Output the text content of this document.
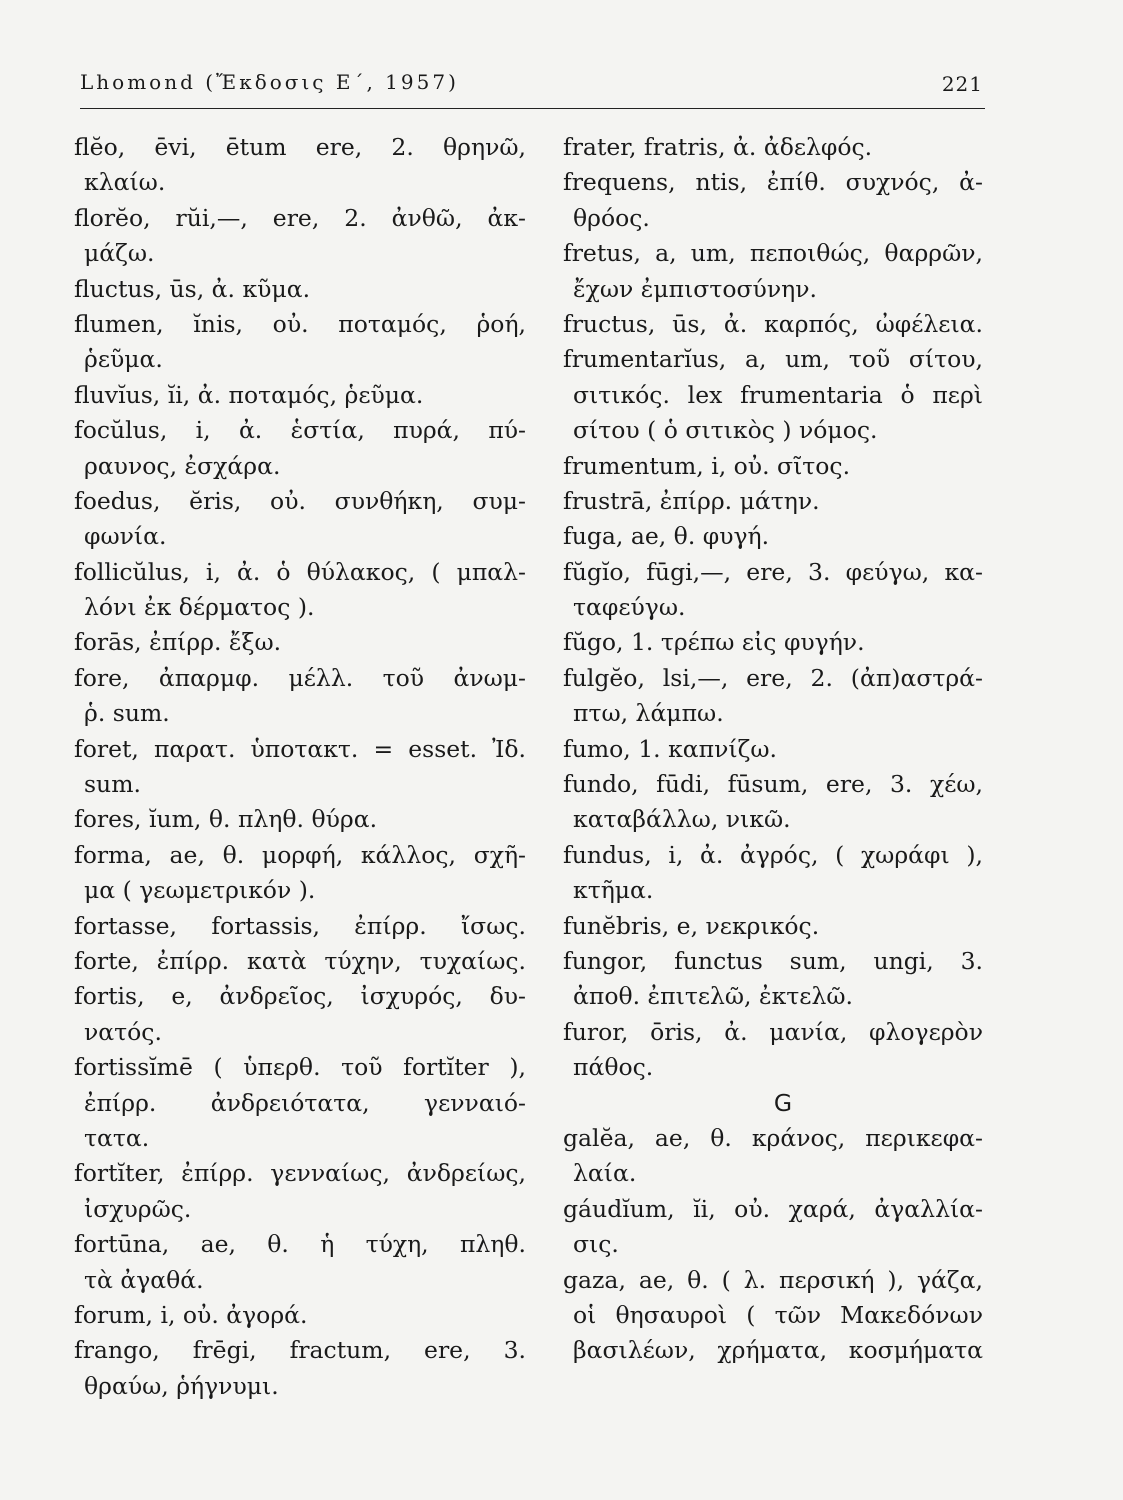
Lhomond (Ἔκδοσις Ε΄, 1957)	221
flĕo, ēvi, ētum ere, 2. θρηνῶ,
κλαίω.
florĕo, rŭi,—, ere, 2. ἀνθῶ, ἀκ-
μάζω.
fluctus, ūs, ἀ. κῦμα.
flumen, ĭnis, οὐ. ποταμός, ῥοή,
ῥεῦμα.
fluvĭus, ĭi, ἀ. ποταμός, ῥεῦμα.
focŭlus, i, ἀ. ἑστία, πυρά, πύ-
ραυνος, ἐσχάρα.
foedus, ĕris, οὐ. συνθήκη, συμ-
φωνία.
follicŭlus, i, ἀ. ὁ θύλακος, ( μπαλ-
λόνι ἐκ δέρματος ).
forās, ἐπίρρ. ἔξω.
fore, ἀπαρμφ. μέλλ. τοῦ ἀνωμ-
ῥ. sum.
foret, παρατ. ὑποτακτ. = esset. Ἰδ.
sum.
fores, ĭum, θ. πληθ. θύρα.
forma, ae, θ. μορφή, κάλλος, σχῆ-
μα ( γεωμετρικόν ).
fortasse, fortassis, ἐπίρρ. ἴσως.
forte, ἐπίρρ. κατὰ τύχην, τυχαίως.
fortis, e, ἀνδρεῖος, ἰσχυρός, δυ-
νατός.
fortissĭmē ( ὑπερθ. τοῦ fortĭter ),
ἐπίρρ. ἀνδρειότατα, γενναιό-
τατα.
fortĭter, ἐπίρρ. γενναίως, ἀνδρείως,
ἰσχυρῶς.
fortūna, ae, θ. ἡ τύχη, πληθ.
τὰ ἀγαθά.
forum, i, οὐ. ἀγορά.
frango, frēgi, fractum, ere, 3.
θραύω, ῥήγνυμι.
frater, fratris, ἀ. ἀδελφός.
frequens, ntis, ἐπίθ. συχνός, ἀ-
θρόος.
fretus, a, um, πεποιθώς, θαρρῶν,
ἔχων ἐμπιστοσύνην.
fructus, ūs, ἀ. καρπός, ὠφέλεια.
frumentarĭus, a, um, τοῦ σίτου,
σιτικός. lex frumentaria ὁ περὶ
σίτου ( ὁ σιτικὸς ) νόμος.
frumentum, i, οὐ. σῖτος.
frustrā, ἐπίρρ. μάτην.
fuga, ae, θ. φυγή.
fŭgĭo, fūgi,—, ere, 3. φεύγω, κα-
ταφεύγω.
fŭgo, 1. τρέπω εἰς φυγήν.
fulgĕo, lsi,—, ere, 2. (ἀπ)αστρά-
πτω, λάμπω.
fumo, 1. καπνίζω.
fundo, fūdi, fūsum, ere, 3. χέω,
καταβάλλω, νικῶ.
fundus, i, ἀ. ἀγρός, ( χωράφι ),
κτῆμα.
funĕbris, e, νεκρικός.
fungor, functus sum, ungi, 3.
ἀποθ. ἐπιτελῶ, ἐκτελῶ.
furor, ōris, ἀ. μανία, φλογερὸν
πάθος.
G
galĕa, ae, θ. κράνος, περικεφα-
λαία.
gáudĭum, ĭi, οὐ. χαρά, ἀγαλλία-
σις.
gaza, ae, θ. ( λ. περσική ), γάζα,
οἱ θησαυροὶ ( τῶν Μακεδόνων
βασιλέων, χρήματα, κοσμήματα
